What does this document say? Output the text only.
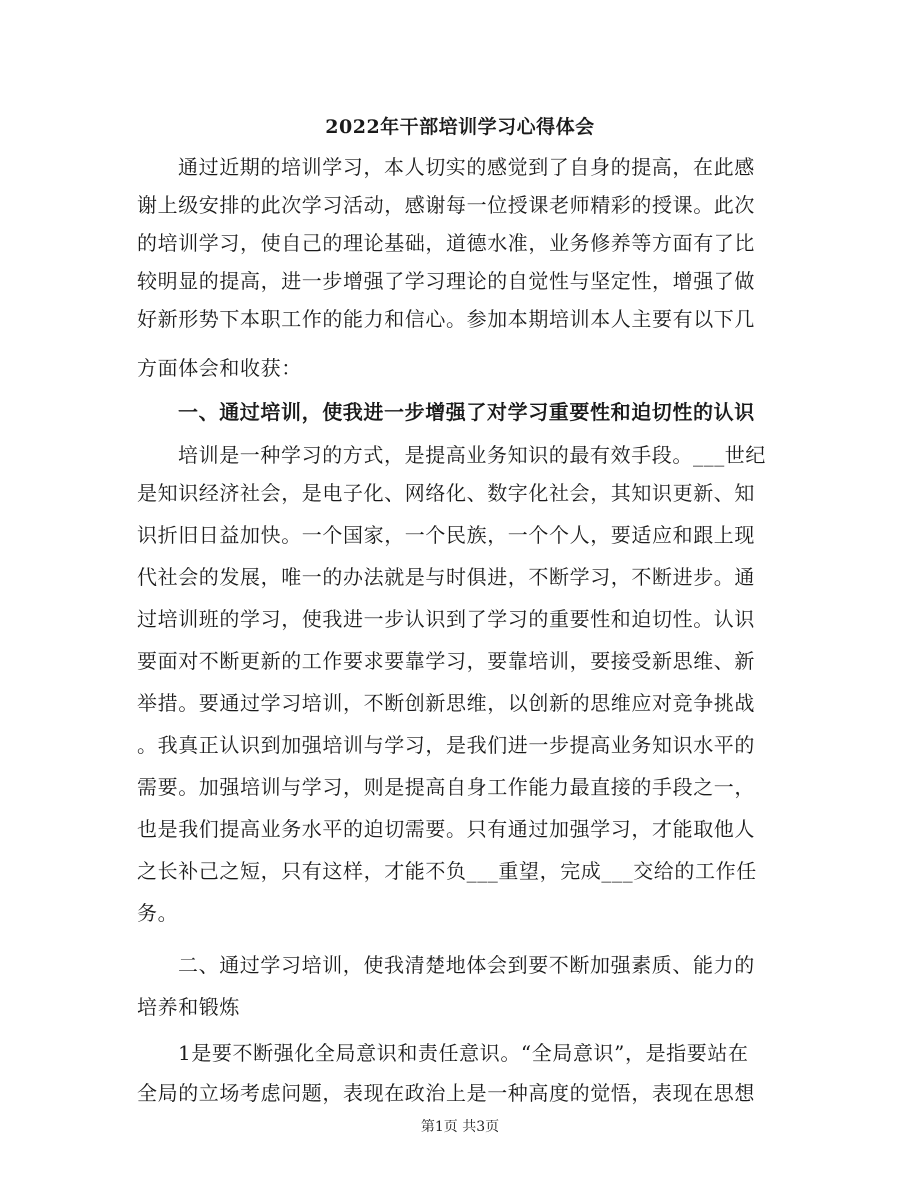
2022年干部培训学习心得体会
通过近期的培训学习，本人切实的感觉到了自身的提高，在此感
谢上级安排的此次学习活动，感谢每一位授课老师精彩的授课。此次
的培训学习，使自己的理论基础，道德水准，业务修养等方面有了比
较明显的提高，进一步增强了学习理论的自觉性与坚定性，增强了做
好新形势下本职工作的能力和信心。参加本期培训本人主要有以下几
方面体会和收获：
一、通过培训，使我进一步增强了对学习重要性和迫切性的认识
培训是一种学习的方式，是提高业务知识的最有效手段。___世纪
是知识经济社会，是电子化、网络化、数字化社会，其知识更新、知
识折旧日益加快。一个国家，一个民族，一个个人，要适应和跟上现
代社会的发展，唯一的办法就是与时俱进，不断学习，不断进步。通
过培训班的学习，使我进一步认识到了学习的重要性和迫切性。认识
要面对不断更新的工作要求要靠学习，要靠培训，要接受新思维、新
举措。要通过学习培训，不断创新思维，以创新的思维应对竞争挑战
。我真正认识到加强培训与学习，是我们进一步提高业务知识水平的
需要。加强培训与学习，则是提高自身工作能力最直接的手段之一，
也是我们提高业务水平的迫切需要。只有通过加强学习，才能取他人
之长补己之短，只有这样，才能不负___重望，完成___交给的工作任
务。
二、通过学习培训，使我清楚地体会到要不断加强素质、能力的
培养和锻炼
1是要不断强化全局意识和责任意识。“全局意识”，是指要站在
全局的立场考虑问题，表现在政治上是一种高度的觉悟，表现在思想
第1页 共3页
